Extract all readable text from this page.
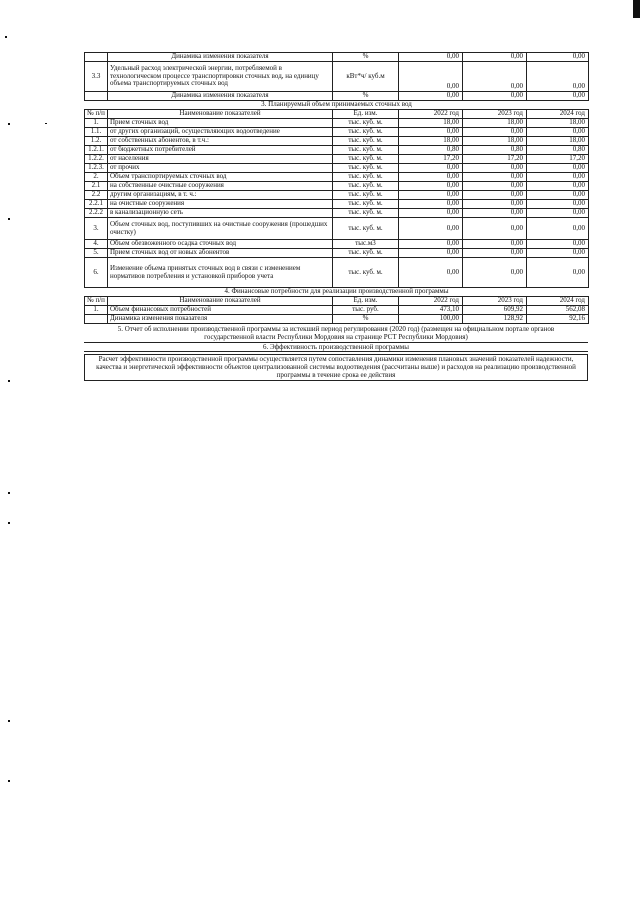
	Динамика изменения показателя	%	0,00	0,00	0,00
3.3	Удельный расход электрической энергии, потребляемой в технологическом процессе транспортировки сточных вод, на единицу объема транспортируемых сточных вод	кВт*ч/ куб.м	0,00	0,00	0,00
	Динамика изменения показателя	%	0,00	0,00	0,00
3. Планируемый объем принимаемых сточных вод					
№ п/п	Наименование показателей	Ед. изм.	2022 год	2023 год	2024 год
1.	Прием сточных вод	тыс. куб. м.	18,00	18,00	18,00
1.1.	от других организаций, осуществляющих водоотведение	тыс. куб. м.	0,00	0,00	0,00
1.2.	от собственных абонентов, в т.ч.:	тыс. куб. м.	18,00	18,00	18,00
1.2.1.	от бюджетных потребителей	тыс. куб. м.	0,80	0,80	0,80
1.2.2.	от населения	тыс. куб. м.	17,20	17,20	17,20
1.2.3.	от прочих	тыс. куб. м.	0,00	0,00	0,00
2.	Объем транспортируемых сточных вод	тыс. куб. м.	0,00	0,00	0,00
2.1	на собственные очистные сооружения	тыс. куб. м.	0,00	0,00	0,00
2.2	другим организациям, в т. ч.:	тыс. куб. м.	0,00	0,00	0,00
2.2.1	на очистные сооружения	тыс. куб. м.	0,00	0,00	0,00
2.2.2	в канализационную сеть	тыс. куб. м.	0,00	0,00	0,00
3.	Объем сточных вод, поступивших на очистные сооружения (прошедших очистку)	тыс. куб. м.	0,00	0,00	0,00
4.	Объем обезвоженного осадка сточных вод	тыс.м3	0,00	0,00	0,00
5.	Прием сточных вод от новых абонентов	тыс. куб. м.	0,00	0,00	0,00
6.	Изменение объема принятых сточных вод в связи с изменением нормативов потребления и установкой приборов учета	тыс. куб. м.	0,00	0,00	0,00
4. Финансовые потребности для реализации производственной программы					
№ п/п	Наименование показателей	Ед. изм.	2022 год	2023 год	2024 год
1.	Объем финансовых потребностей	тыс. руб.	473,10	609,92	562,08
	Динамика изменения показателя	%	100,00	128,92	92,16
5. Отчет об исполнении производственной программы за истекший период регулирования (2020 год) (размещен на официальном портале органов государственной власти Республики Мордовия на странице РСТ Республики Мордовия)
6. Эффективность производственной программы
Расчет эффективности производственной программы осуществляется путем сопоставления динамики изменения плановых значений показателей надежности, качества и энергетической эффективности объектов централизованной системы водоотведения (рассчитаны выше) и расходов на реализацию производственной программы в течение срока ее действия
